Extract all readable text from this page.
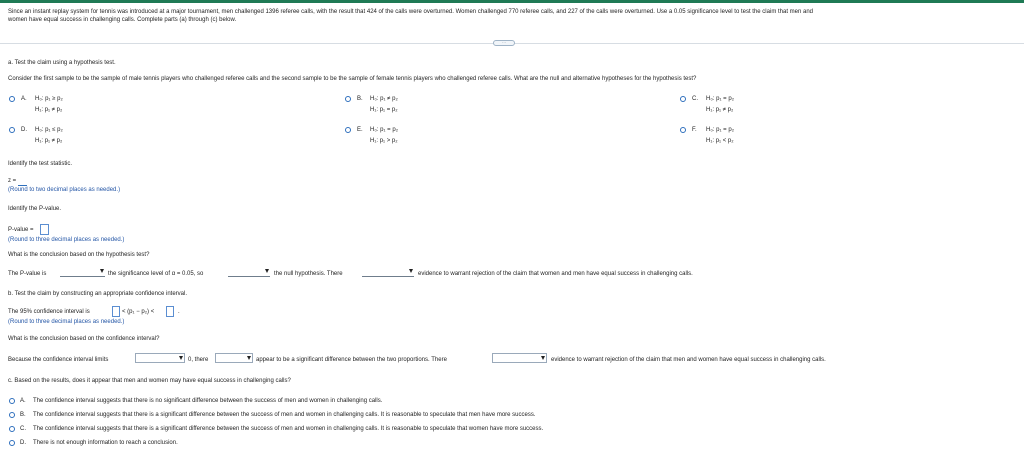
Since an instant replay system for tennis was introduced at a major tournament, men challenged 1396 referee calls, with the result that 424 of the calls were overturned. Women challenged 770 referee calls, and 227 of the calls were overturned. Use a 0.05 significance level to test the claim that men and
women have equal success in challenging calls. Complete parts (a) through (c) below.
···
a. Test the claim using a hypothesis test.
Consider the first sample to be the sample of male tennis players who challenged referee calls and the second sample to be the sample of female tennis players who challenged referee calls. What are the null and alternative hypotheses for the hypothesis test?
A. H₀: p₁ ≥ p₂
H₁: p₁ ≠ p₂
B. H₀: p₁ ≠ p₂
H₁: p₁ = p₂
C. H₀: p₁ = p₂
H₁: p₁ ≠ p₂
D. H₀: p₁ ≤ p₂
H₁: p₁ ≠ p₂
E. H₀: p₁ = p₂
H₁: p₁ > p₂
F. H₀: p₁ = p₂
H₁: p₁ < p₂
Identify the test statistic.
z =
(Round to two decimal places as needed.)
Identify the P-value.
P-value =
(Round to three decimal places as needed.)
What is the conclusion based on the hypothesis test?
The P-value is	the significance level of α = 0.05, so	the null hypothesis. There	evidence to warrant rejection of the claim that women and men have equal success in challenging calls.
b. Test the claim by constructing an appropriate confidence interval.
The 95% confidence interval is	< (p₁ − p₂) <	.
(Round to three decimal places as needed.)
What is the conclusion based on the confidence interval?
Because the confidence interval limits	0, there	appear to be a significant difference between the two proportions. There	evidence to warrant rejection of the claim that men and women have equal success in challenging calls.
c. Based on the results, does it appear that men and women may have equal success in challenging calls?
A. The confidence interval suggests that there is no significant difference between the success of men and women in challenging calls.
B. The confidence interval suggests that there is a significant difference between the success of men and women in challenging calls. It is reasonable to speculate that men have more success.
C. The confidence interval suggests that there is a significant difference between the success of men and women in challenging calls. It is reasonable to speculate that women have more success.
D. There is not enough information to reach a conclusion.
